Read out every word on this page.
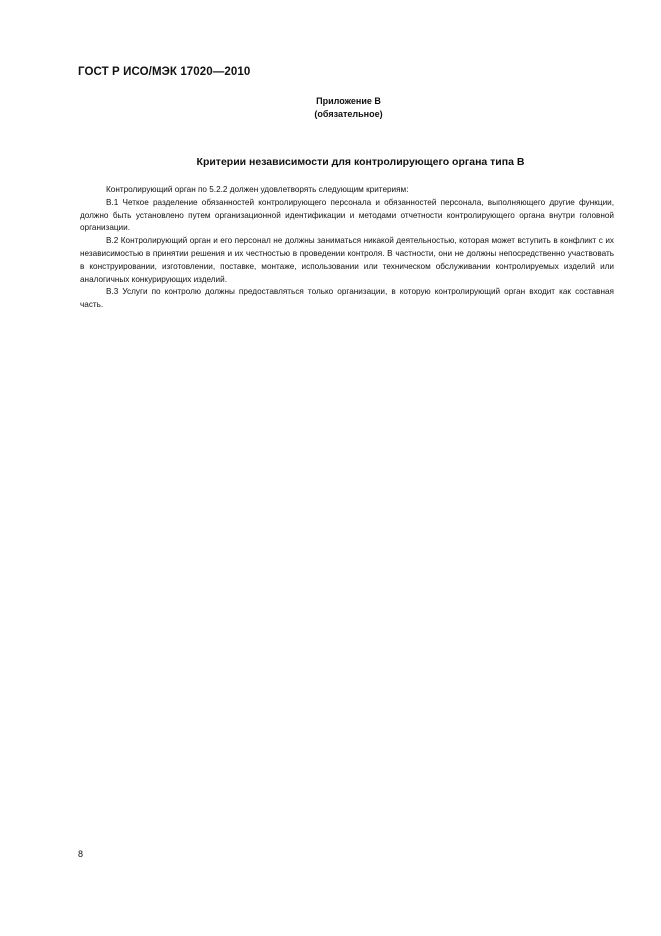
ГОСТ Р ИСО/МЭК 17020—2010
Приложение В
(обязательное)
Критерии независимости для контролирующего органа типа В

Контролирующий орган по 5.2.2 должен удовлетворять следующим критериям:

В.1 Четкое разделение обязанностей контролирующего персонала и обязанностей персонала, выполняющего другие функции, должно быть установлено путем организационной идентификации и методами отчетности контролирующего органа внутри головной организации.

В.2 Контролирующий орган и его персонал не должны заниматься никакой деятельностью, которая может вступить в конфликт с их независимостью в принятии решения и их честностью в проведении контроля. В частности, они не должны непосредственно участвовать в конструировании, изготовлении, поставке, монтаже, использовании или техническом обслуживании контролируемых изделий или аналогичных конкурирующих изделий.

В.3 Услуги по контролю должны предоставляться только организации, в которую контролирующий орган входит как составная часть.

8
